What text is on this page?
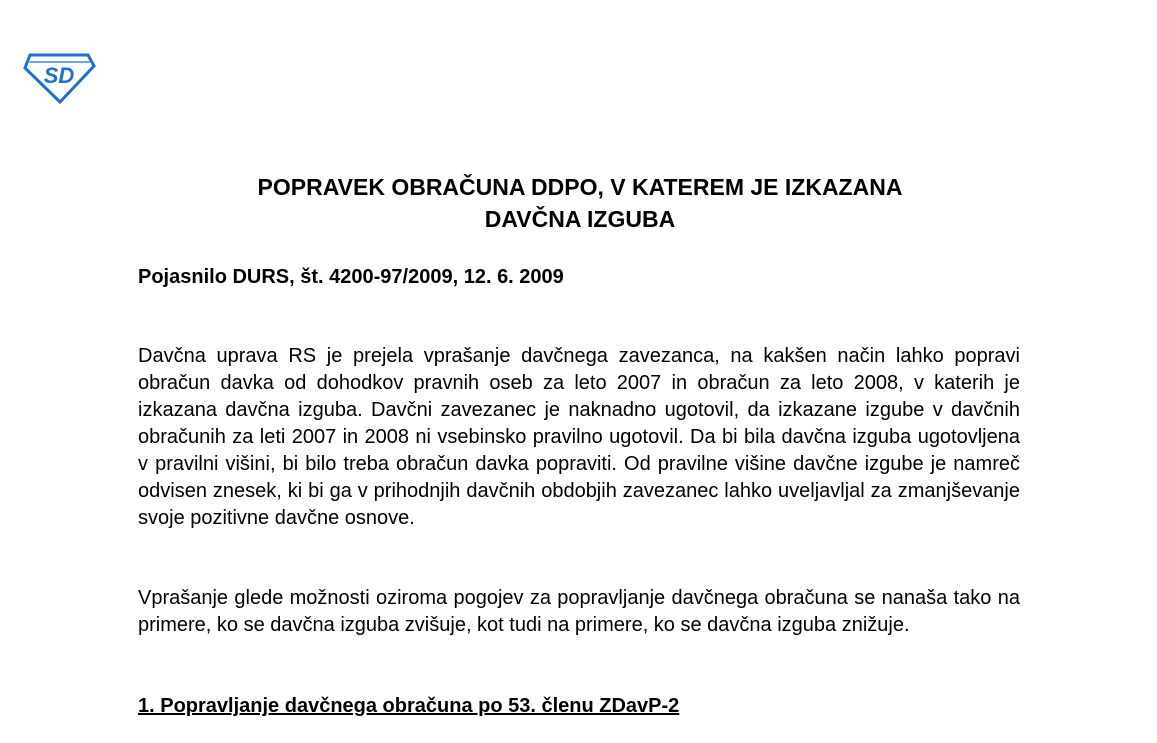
SD
POPRAVEK OBRAČUNA DDPO, V KATEREM JE IZKAZANA
DAVČNA IZGUBA
Pojasnilo DURS, št. 4200-97/2009, 12. 6. 2009
Davčna uprava RS je prejela vprašanje davčnega zavezanca, na kakšen način lahko popravi obračun davka od dohodkov pravnih oseb za leto 2007 in obračun za leto 2008, v katerih je izkazana davčna izguba. Davčni zavezanec je naknadno ugotovil, da izkazane izgube v davčnih obračunih za leti 2007 in 2008 ni vsebinsko pravilno ugotovil. Da bi bila davčna izguba ugotovljena v pravilni višini, bi bilo treba obračun davka popraviti. Od pravilne višine davčne izgube je namreč odvisen znesek, ki bi ga v prihodnjih davčnih obdobjih zavezanec lahko uveljavljal za zmanjševanje svoje pozitivne davčne osnove.
Vprašanje glede možnosti oziroma pogojev za popravljanje davčnega obračuna se nanaša tako na primere, ko se davčna izguba zvišuje, kot tudi na primere, ko se davčna izguba znižuje.
1. Popravljanje davčnega obračuna po 53. členu ZDavP-2
